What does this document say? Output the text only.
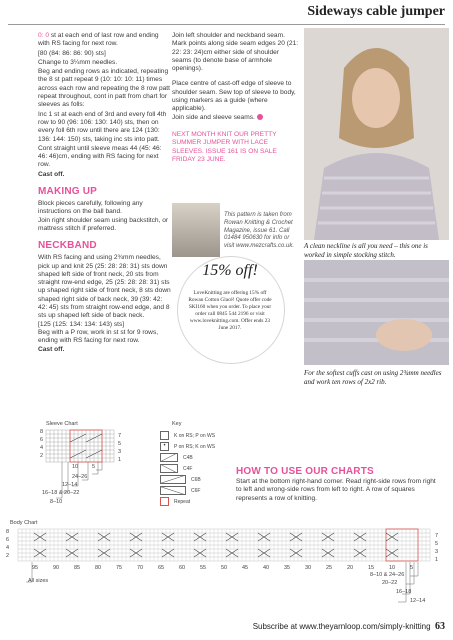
Sideways cable jumper

0: 0 st at each end of last row and ending with RS facing for next row.

[80 (84: 86: 86: 90) sts]

Change to 3¼mm needles.

Beg and ending rows as indicated, repeating the 8 st patt repeat 9 (10: 10: 10: 11) times across each row and repeating the 8 row patt repeat throughout, cont in patt from chart for sleeves as folls:

Inc 1 st at each end of 3rd and every foll 4th row to 90 (96: 106: 130: 140) sts, then on every foll 6th row until there are 124 (130: 136: 144: 150) sts, taking inc sts into patt.

Cont straight until sleeve meas 44 (45: 46: 46: 46)cm, ending with RS facing for next row.

Cast off.

MAKING UP

Block pieces carefully, following any instructions on the ball band.

Join right shoulder seam using backstitch, or mattress stitch if preferred.

NECKBAND

With RS facing and using 2¾mm needles, pick up and knit 25 (25: 28: 28: 31) sts down shaped left side of front neck, 20 sts from straight row-end edge, 25 (25: 28: 28: 31) sts up shaped right side of front neck, 8 sts down shaped right side of back neck, 39 (39: 42: 42: 45) sts from straight row-end edge, and 8 sts up shaped left side of back neck.

[125 (125: 134: 134: 143) sts]

Beg with a P row, work in st st for 9 rows, ending with RS facing for next row.

Cast off.

Join left shoulder and neckband seam. Mark points along side seam edges 20 (21: 22: 23: 24)cm either side of shoulder seams (to denote base of armhole openings).

Place centre of cast-off edge of sleeve to shoulder seam. Sew top of sleeve to body, using markers as a guide (where applicable).

Join side and sleeve seams.

NEXT MONTH KNIT OUR PRETTY SUMMER JUMPER WITH LACE SLEEVES. ISSUE 161 IS ON SALE FRIDAY 23 JUNE.

This pattern is taken from Rowan Knitting & Crochet Magazine, issue 61. Call 01484 950630 for info or visit www.mezcrafts.co.uk.
15% off!
LoveKnitting are offering 15% off Rowan Cotton Glacé! Quote offer code SKI160 when you order. To place your order call 0845 544 2196 or visit www.loveknitting.com. Offer ends 23 June 2017.
A clean neckline is all you need – this one is worked in simple stocking stitch.
For the softest cuffs cast on using 2¾mm needles and work ten rows of 2x2 rib.
Sleeve Chart
8
6
4
2
7
5
3
1
10	5
24–26
12–14
16–18 & 20–22
8–10
Key
K on RS; P on WS
• P on RS; K on WS
C4B
C4F
C6B
C6F
Repeat
HOW TO USE OUR CHARTS
Start at the bottom right-hand corner. Read right-side rows from right to left and wrong-side rows from left to right. A row of squares represents a row of knitting.
Body Chart
8
6
4
2
7
5
3
1
95	90	85	80	75	70	65	60	55	50	45	40	35	30	25	20	15	10	5
All sizes
8–10 & 24–26
20–22
16–18
12–14
Subscribe at www.theyarnloop.com/simply-knitting 63
